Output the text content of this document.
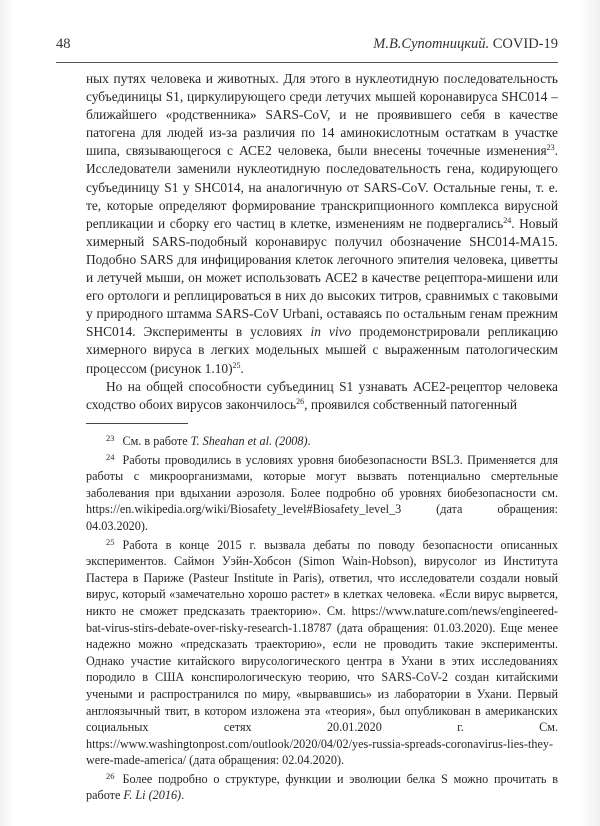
48	М.В.Супотницкий. COVID-19

ных путях человека и животных. Для этого в нуклеотидную последовательность субъединицы S1, циркулирующего среди летучих мышей коронавируса SHC014 – ближайшего «родственника» SARS-CoV, и не проявившего себя в качестве патогена для людей из-за различия по 14 аминокислотным остаткам в участке шипа, связывающегося с АСЕ2 человека, были внесены точечные изменения$^{23}$. Исследователи заменили нуклеотидную последовательность гена, кодирующего субъединицу S1 у SHC014, на аналогичную от SARS-CoV. Остальные гены, т. е. те, которые определяют формирование транскрипционного комплекса вирусной репликации и сборку его частиц в клетке, изменениям не подвергались$^{24}$. Новый химерный SARS-подобный коронавирус получил обозначение SHC014-MA15. Подобно SARS для инфицирования клеток легочного эпителия человека, циветты и летучей мыши, он может использовать АСЕ2 в качестве рецептора-мишени или его ортологи и реплицироваться в них до высоких титров, сравнимых с таковыми у природного штамма SARS-CoV Urbani, оставаясь по остальным генам прежним SHC014. Эксперименты в условиях in vivo продемонстрировали репликацию химерного вируса в легких модельных мышей с выраженным патологическим процессом (рисунок 1.10)$^{25}$.

Но на общей способности субъединиц S1 узнавать АСЕ2-рецептор человека сходство обоих вирусов закончилось$^{26}$, проявился собственный патогенный

$^{23}$ См. в работе T. Sheahan et al. (2008).

$^{24}$ Работы проводились в условиях уровня биобезопасности BSL3. Применяется для работы с микроорганизмами, которые могут вызвать потенциально смертельные заболевания при вдыхании аэрозоля. Более подробно об уровнях биобезопасности см. https://en.wikipedia.org/wiki/Biosafety_level#Biosafety_level_3 (дата обращения: 04.03.2020).

$^{25}$ Работа в конце 2015 г. вызвала дебаты по поводу безопасности описанных экспериментов. Саймон Уэйн-Хобсон (Simon Wain-Hobson), вирусолог из Института Пастера в Париже (Pasteur Institute in Paris), ответил, что исследователи создали новый вирус, который «замечательно хорошо растет» в клетках человека. «Если вирус вырвется, никто не сможет предсказать траекторию». См. https://www.nature.com/news/engineered-bat-virus-stirs-debate-over-risky-research-1.18787 (дата обращения: 01.03.2020). Еще менее надежно можно «предсказать траекторию», если не проводить такие эксперименты. Однако участие китайского вирусологического центра в Ухани в этих исследованиях породило в США конспирологическую теорию, что SARS-CoV-2 создан китайскими учеными и распространился по миру, «вырвавшись» из лаборатории в Ухани. Первый англоязычный твит, в котором изложена эта «теория», был опубликован в американских социальных сетях 20.01.2020 г. См. https://www.washingtonpost.com/outlook/2020/04/02/yes-russia-spreads-coronavirus-lies-they-were-made-america/ (дата обращения: 02.04.2020).

$^{26}$ Более подробно о структуре, функции и эволюции белка S можно прочитать в работе F. Li (2016).
